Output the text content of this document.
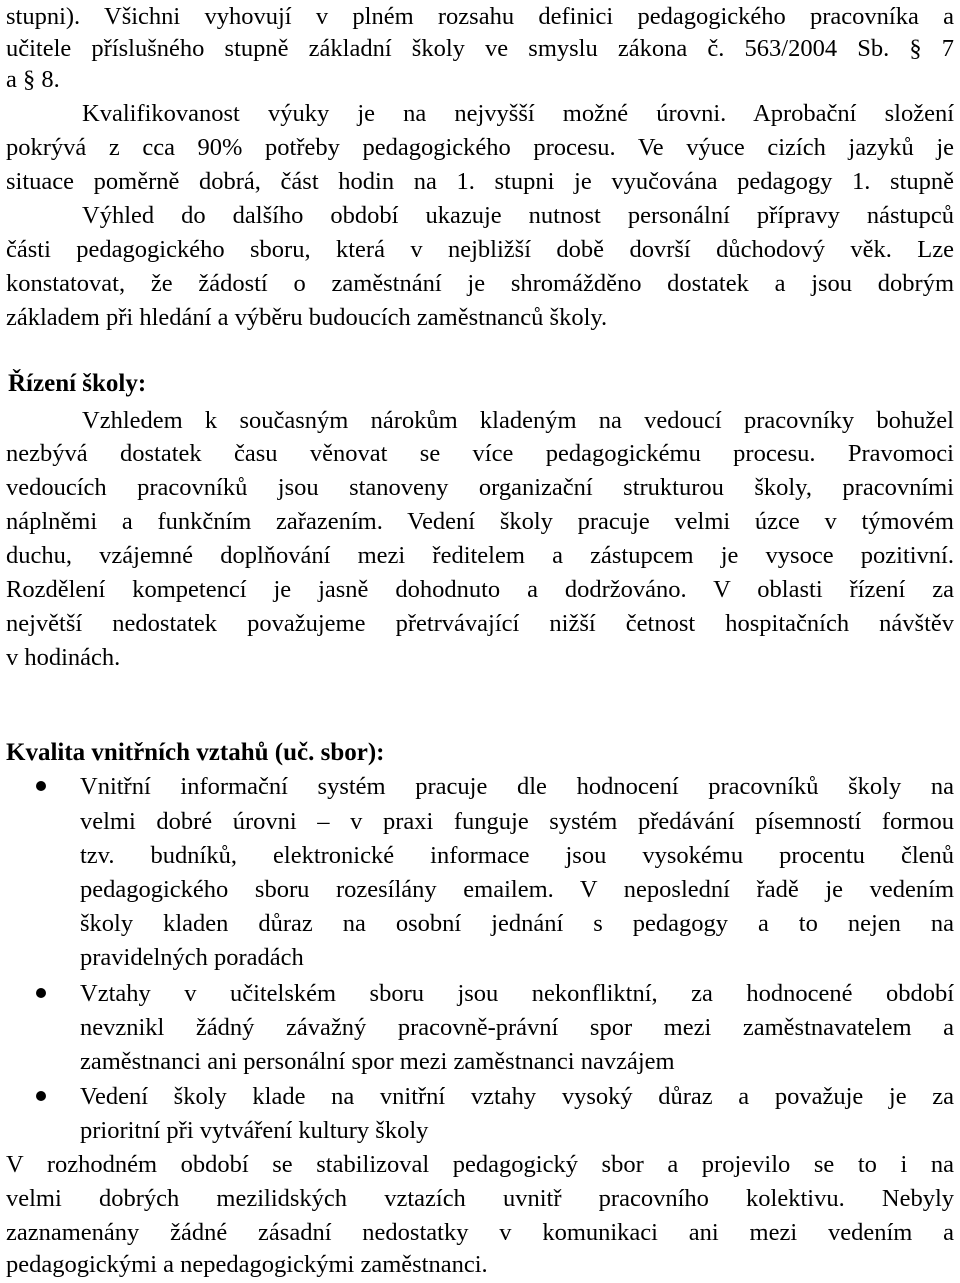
stupni). Všichni vyhovují v plném rozsahu definici pedagogického pracovníka a
učitele příslušného stupně základní školy ve smyslu zákona č. 563/2004 Sb. § 7
a § 8.
Kvalifikovanost výuky je na nejvyšší možné úrovni. Aprobační složení
pokrývá z cca 90% potřeby pedagogického procesu. Ve výuce cizích jazyků je
situace poměrně dobrá, část hodin na 1. stupni je vyučována pedagogy 1. stupně
Výhled do dalšího období ukazuje nutnost personální přípravy nástupců
části pedagogického sboru, která v nejbližší době dovrší důchodový věk. Lze
konstatovat, že žádostí o zaměstnání je shromážděno dostatek a jsou dobrým
základem při hledání a výběru budoucích zaměstnanců školy.
Řízení školy:
Vzhledem k současným nárokům kladeným na vedoucí pracovníky bohužel
nezbývá dostatek času věnovat se více pedagogickému procesu. Pravomoci
vedoucích pracovníků jsou stanoveny organizační strukturou školy, pracovními
náplněmi a funkčním zařazením. Vedení školy pracuje velmi úzce v týmovém
duchu, vzájemné doplňování mezi ředitelem a zástupcem je vysoce pozitivní.
Rozdělení kompetencí je jasně dohodnuto a dodržováno. V oblasti řízení za
největší nedostatek považujeme přetrvávající nižší četnost hospitačních návštěv
v hodinách.
Kvalita vnitřních vztahů (uč. sbor):
Vnitřní informační systém pracuje dle hodnocení pracovníků školy na
velmi dobré úrovni – v praxi funguje systém předávání písemností formou
tzv. budníků, elektronické informace jsou vysokému procentu členů
pedagogického sboru rozesílány emailem. V neposlední řadě je vedením
školy kladen důraz na osobní jednání s pedagogy a to nejen na
pravidelných poradách
Vztahy v učitelském sboru jsou nekonfliktní, za hodnocené období
nevznikl žádný závažný pracovně-právní spor mezi zaměstnavatelem a
zaměstnanci ani personální spor mezi zaměstnanci navzájem
Vedení školy klade na vnitřní vztahy vysoký důraz a považuje je za
prioritní při vytváření kultury školy
V rozhodném období se stabilizoval pedagogický sbor a projevilo se to i na
velmi dobrých mezilidských vztazích uvnitř pracovního kolektivu. Nebyly
zaznamenány žádné zásadní nedostatky v komunikaci ani mezi vedením a
pedagogickými a nepedagogickými zaměstnanci.
